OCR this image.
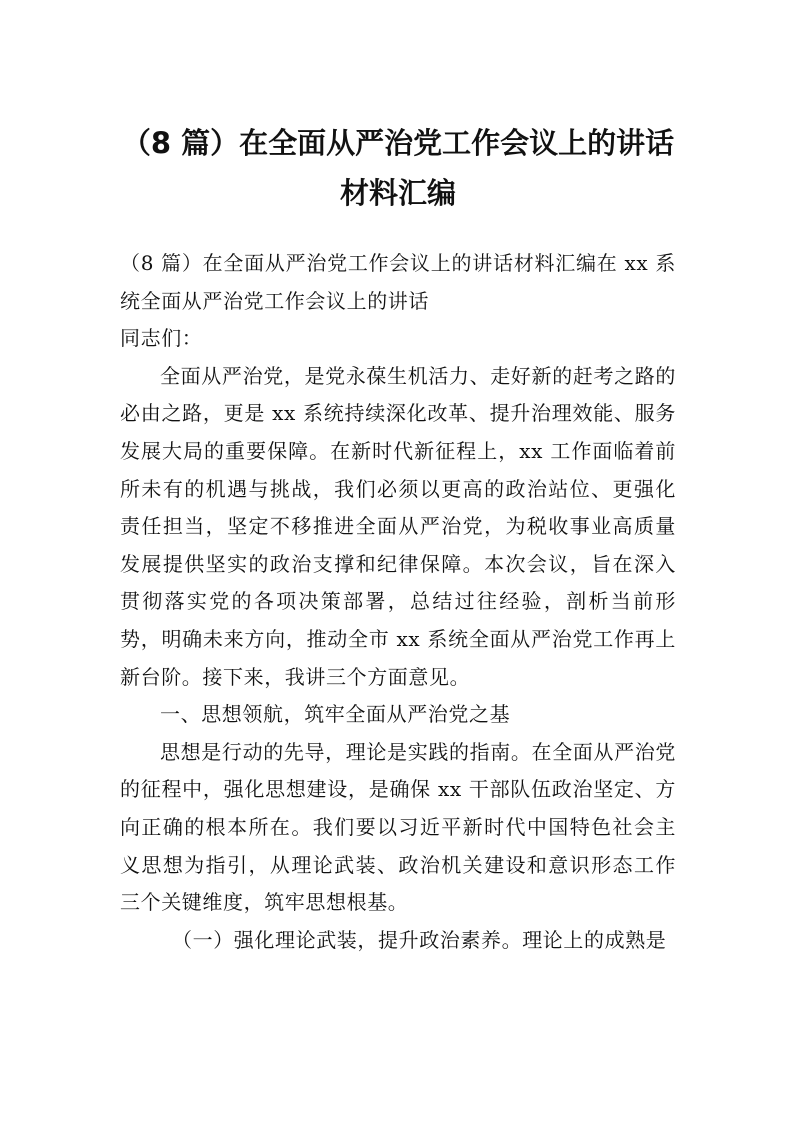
（8 篇）在全面从严治党工作会议上的讲话
材料汇编

（8 篇）在全面从严治党工作会议上的讲话材料汇编在 xx 系统全面从严治党工作会议上的讲话

同志们：

全面从严治党，是党永葆生机活力、走好新的赶考之路的必由之路，更是 xx 系统持续深化改革、提升治理效能、服务发展大局的重要保障。在新时代新征程上，xx 工作面临着前所未有的机遇与挑战，我们必须以更高的政治站位、更强化责任担当，坚定不移推进全面从严治党，为税收事业高质量发展提供坚实的政治支撑和纪律保障。本次会议，旨在深入贯彻落实党的各项决策部署，总结过往经验，剖析当前形势，明确未来方向，推动全市 xx 系统全面从严治党工作再上新台阶。接下来，我讲三个方面意见。

一、思想领航，筑牢全面从严治党之基

思想是行动的先导，理论是实践的指南。在全面从严治党的征程中，强化思想建设，是确保 xx 干部队伍政治坚定、方向正确的根本所在。我们要以习近平新时代中国特色社会主义思想为指引，从理论武装、政治机关建设和意识形态工作三个关键维度，筑牢思想根基。

（一）强化理论武装，提升政治素养。理论上的成熟是
